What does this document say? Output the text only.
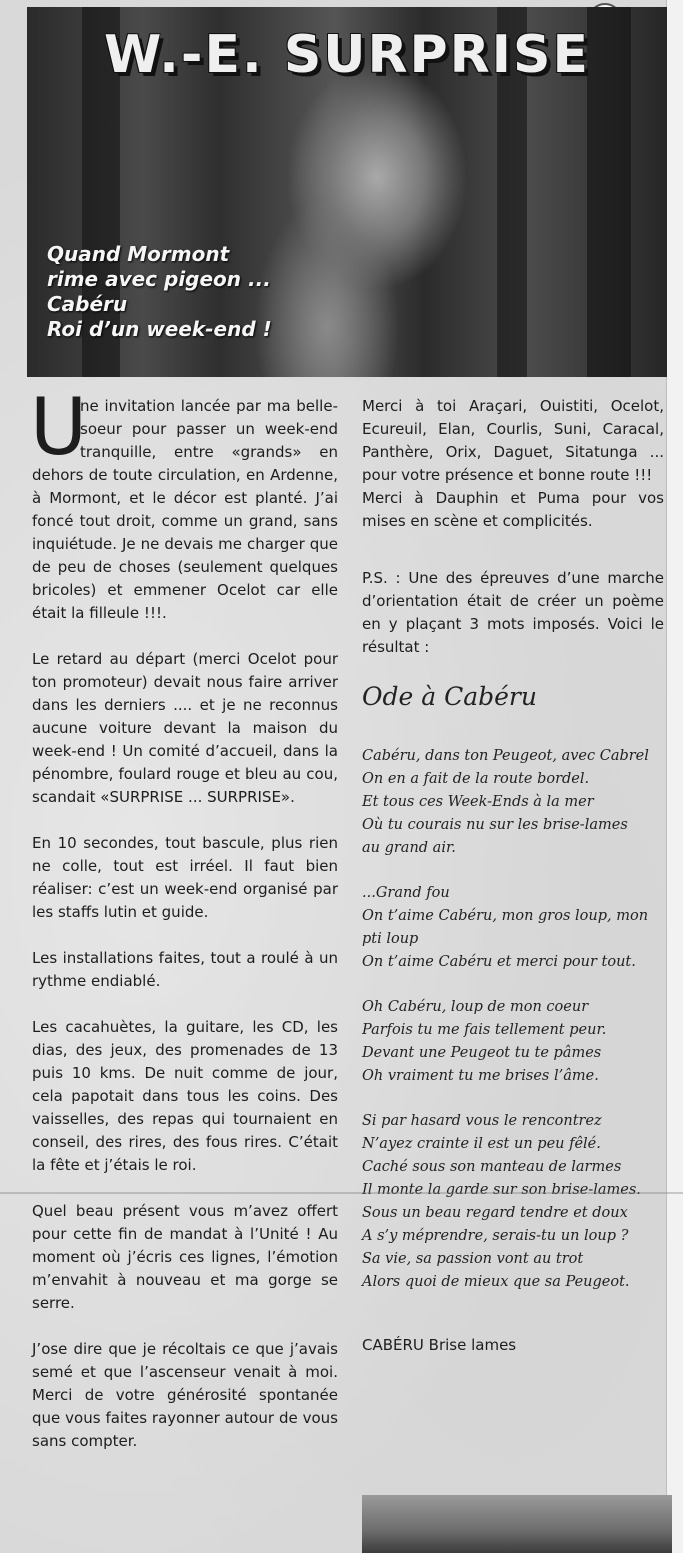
W.-E. SURPRISE
Quand Mormont
rime avec pigeon ...
Cabéru
Roi d’un week-end !

U
ne invitation lancée par ma belle-soeur pour passer un week-end tranquille, entre «grands» en dehors de toute circulation, en Ardenne, à Mormont, et le décor est planté. J’ai foncé tout droit, comme un grand, sans inquiétude. Je ne devais me charger que de peu de choses (seulement quelques bricoles) et emmener Ocelot car elle était la filleule !!!.

Le retard au départ (merci Ocelot pour ton promoteur) devait nous faire arriver dans les derniers .... et je ne reconnus aucune voiture devant la maison du week-end ! Un comité d’accueil, dans la pénombre, foulard rouge et bleu au cou, scandait «SURPRISE ... SURPRISE».

En 10 secondes, tout bascule, plus rien ne colle, tout est irréel. Il faut bien réaliser: c’est un week-end organisé par les staffs lutin et guide.

Les installations faites, tout a roulé à un rythme endiablé.

Les cacahuètes, la guitare, les CD, les dias, des jeux, des promenades de 13 puis 10 kms. De nuit comme de jour, cela papotait dans tous les coins. Des vaisselles, des repas qui tournaient en conseil, des rires, des fous rires. C’était la fête et j’étais le roi.

Quel beau présent vous m’avez offert pour cette fin de mandat à l’Unité ! Au moment où j’écris ces lignes, l’émotion m’envahit à nouveau et ma gorge se serre.

J’ose dire que je récoltais ce que j’avais semé et que l’ascenseur venait à moi. Merci de votre générosité spontanée que vous faites rayonner autour de vous sans compter.

Merci à toi Araçari, Ouistiti, Ocelot, Ecureuil, Elan, Courlis, Suni, Caracal, Panthère, Orix, Daguet, Sitatunga ... pour votre présence et bonne route !!!

Merci à Dauphin et Puma pour vos mises en scène et complicités.

P.S. : Une des épreuves d’une marche d’orientation était de créer un poème en y plaçant 3 mots imposés. Voici le résultat :

Ode à Cabéru
Cabéru, dans ton Peugeot, avec Cabrel
On en a fait de la route bordel.
Et tous ces Week-Ends à la mer
Où tu courais nu sur les brise-lames
au grand air.
...Grand fou
On t’aime Cabéru, mon gros loup, mon pti loup
On t’aime Cabéru et merci pour tout.
Oh Cabéru, loup de mon coeur
Parfois tu me fais tellement peur.
Devant une Peugeot tu te pâmes
Oh vraiment tu me brises l’âme.
Si par hasard vous le rencontrez
N’ayez crainte il est un peu fêlé.
Caché sous son manteau de larmes
Il monte la garde sur son brise-lames.
Sous un beau regard tendre et doux
A s’y méprendre, serais-tu un loup ?
Sa vie, sa passion vont au trot
Alors quoi de mieux que sa Peugeot.
CABÉRU Brise lames
